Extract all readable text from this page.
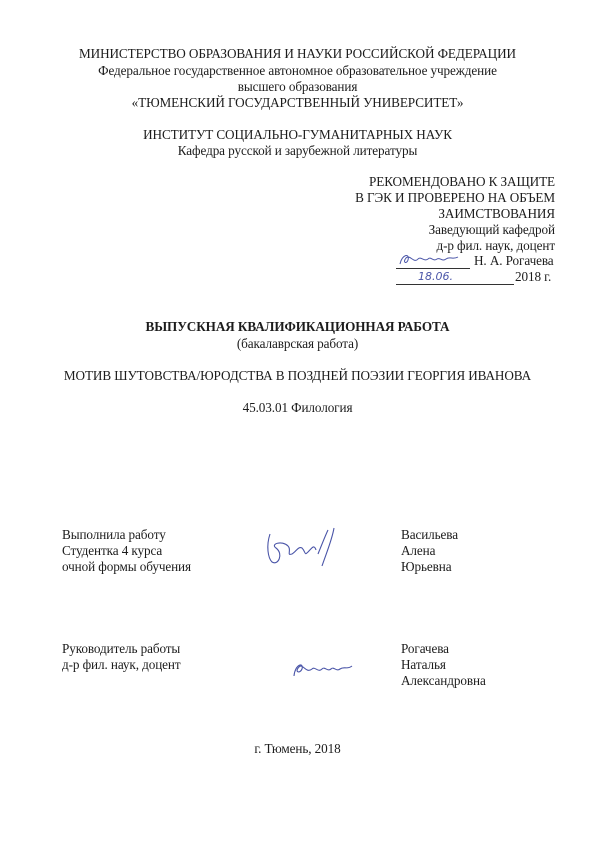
МИНИСТЕРСТВО ОБРАЗОВАНИЯ И НАУКИ РОССИЙСКОЙ ФЕДЕРАЦИИ
Федеральное государственное автономное образовательное учреждение
высшего образования
«ТЮМЕНСКИЙ ГОСУДАРСТВЕННЫЙ УНИВЕРСИТЕТ»
ИНСТИТУТ СОЦИАЛЬНО-ГУМАНИТАРНЫХ НАУК
Кафедра русской и зарубежной литературы
РЕКОМЕНДОВАНО К ЗАЩИТЕ
В ГЭК И ПРОВЕРЕНО НА ОБЪЕМ
ЗАИМСТВОВАНИЯ
Заведующий кафедрой
д-р фил. наук, доцент
Н. А. Рогачева
18.06.	2018 г.
ВЫПУСКНАЯ КВАЛИФИКАЦИОННАЯ РАБОТА
(бакалаврская работа)
МОТИВ ШУТОВСТВА/ЮРОДСТВА В ПОЗДНЕЙ ПОЭЗИИ ГЕОРГИЯ ИВАНОВА
45.03.01 Филология
Выполнила работу
Студентка 4 курса
очной формы обучения
Васильева
Алена
Юрьевна
Руководитель работы
д-р фил. наук, доцент
Рогачева
Наталья
Александровна
г. Тюмень, 2018
